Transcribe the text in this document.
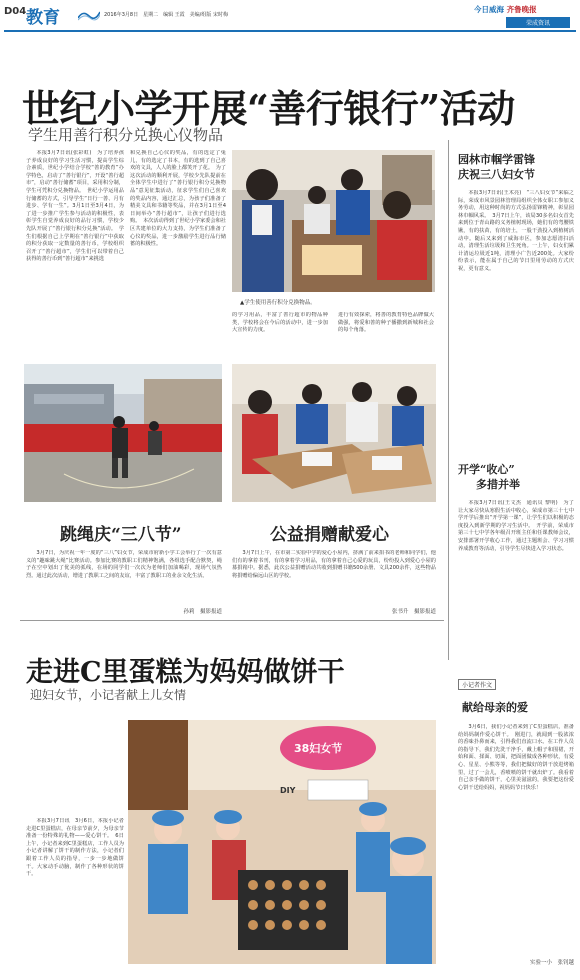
D04 教育	2016年3月8日　星期二　编辑 王霞　美编/组版 宋时梅
今日威海 齐鲁晚报
荣成资讯
世纪小学开展“善行银行”活动
学生用善行积分兑换心仪物品

本报3月7日讯(张彩虹)　为了培养孩子养成良好的学习生活习惯，提高学生综合素质，世纪小学结合学校“善的教育”办学特色，启动了“善行银行”，开设“善行超市”，启动“善行储蓄”项目，采用积分制，学生可凭积分兑换物品。　世纪小学运用品行储蓄的方式，引导学生“日行一善、月有进步、学有一生”。3月1日至3月4日，为了进一步推广学生参与活动的积极性，表彰学生自觉养成良好的品行习惯，学校少先队开展了“善行银行积分兑换”活动。　学生们根据自己上学期在“善行银行”中获取的积分获取一定数量的善行币，学校组织召开了“善行超市”，学生们可以带着自己获得的善行币到“善行超市”来挑选

和兑换自己心仪的奖品，有的选定了兔儿，有的选定了书本，有的选到了自己喜欢的文具，人人的脸上都笑开了花。　为了这次活动的顺利开展，学校少先队提前在全体学生中进行了“善行银行积分兑换物品”意见征集活动，征求学生们自己喜欢的奖品内容，通过汇总，为孩子们准备了精美文具和书籍等奖品，并在3月1日至4日间举办“善行超市”，让孩子们进行选购。　本次活动得到了世纪小学家委会和社区共建单位的大力支持，为学生们准备了心仪的奖品，进一步激励学生进行品行储蓄的积极性。

▲学生使用善行积分兑换物品。

的学习用品，丰富了善行超市的物品种类，学校将会在今后的活动中，进一步加大宣传的力度。

进行有效探索，将善的教育特色品牌做大做强，将爱和善的种子播撒到新城和社会的每个角落。

园林市帼学雷锋
庆祝三八妇女节

本报3月7日讯(王术亮)　“三八妇女节”来临之际，荣成市风景园林管理局组织全体女职工参加义务劳动，用这种时尚的方式弘扬雷锋精神，彰显园林巾帼风采。　3月7日上午，该局30多名妇女首先来到位于青山路的义务植树现场，她们有的弯腰铁锹，有的扶苗，有的培土，一股干劲投入到植树活动中。随后又来到了威海市区，参加志愿清扫活动，清理生活垃圾和卫生死角。一上午，妇女们累计清运垃圾近1吨，清理小广告近200处。大家纷纷表示，能在属于自己的节日里用劳动的方式庆祝，更有意义。

跳绳庆“三八节”	公益捐赠献爱心

3月7日，为庆祝一年一度的“三八”妇女节，荣成市府新小学工会举行了一次有意义的“趣味跳大绳”比赛活动。参加比赛的教职工们精神饱满，各组选手配合默契，绳子在空中划出了优美的弧线，在场的同学们一次次为老师们加油喝彩，现场气氛热烈。通过此次活动，增进了教职工之间的友谊，丰富了教职工的业余文化生活。

孙莉　摄影报道

3月7日上午，在市第二实验中学的爱心小屋内，挤满了前来捐书的老师和同学们，他们有的拿着书刊，有的拿着学习用品，有的拿着自己心爱的玩具，纷纷投入到爱心小屋的募捐箱中。据悉，此次公益捐赠活动共收到捐赠书籍500余册、文具200余件，这些物品将捐赠给偏远山区的学校。

张书升　摄影报道
开学“收心”
多措并举

本报3月7日讯(王文杰　通讯员 黎明)　为了让大家尽快从寒假生活中收心，荣成市第三十七中学开学后推出“开学第一课”，让学生们以积极的态度投入到新学期的学习生活中。　开学前，荣成市第三十七中学各年级召开班主任和任课教师会议，安排部署开学收心工作，通过主题班会、学习习惯养成教育等活动，引导学生尽快进入学习状态。

走进C里蛋糕为妈妈做饼干
迎妇女节，小记者献上儿女情

本报3月7日讯　3月6日，本报小记者走进C里蛋糕店，在母亲节前夕，为母亲节准备一份特殊的礼物——爱心饼干。　6日上午，小记者来到C里蛋糕店，工作人员为小记者讲解了饼干的制作方法，小记者们跟着工作人员的指导，一步一步地做饼干。大家动手动脑，制作了各种形状的饼干。

38妇女节
DIY
小记者作文
献给母亲的爱

3月6日，我们小记者来到了C里蛋糕店，准备给妈妈制作爱心饼干。　刚进门，就闻到一股浓浓的香味扑鼻而来，引得我们直流口水。在工作人员的指导下，我们先洗干净手，戴上帽子和围裙，开始和面、揉面、切面，把面团做成各种形状，有爱心、星星、小熊等等，我们把做好的饼干放进烤箱里，过了一会儿，香喷喷的饼干就出炉了。我看着自己亲手做的饼干，心里美滋滋的，我要把这份爱心饼干送给妈妈，祝妈妈节日快乐！

实验一小　张钊越
